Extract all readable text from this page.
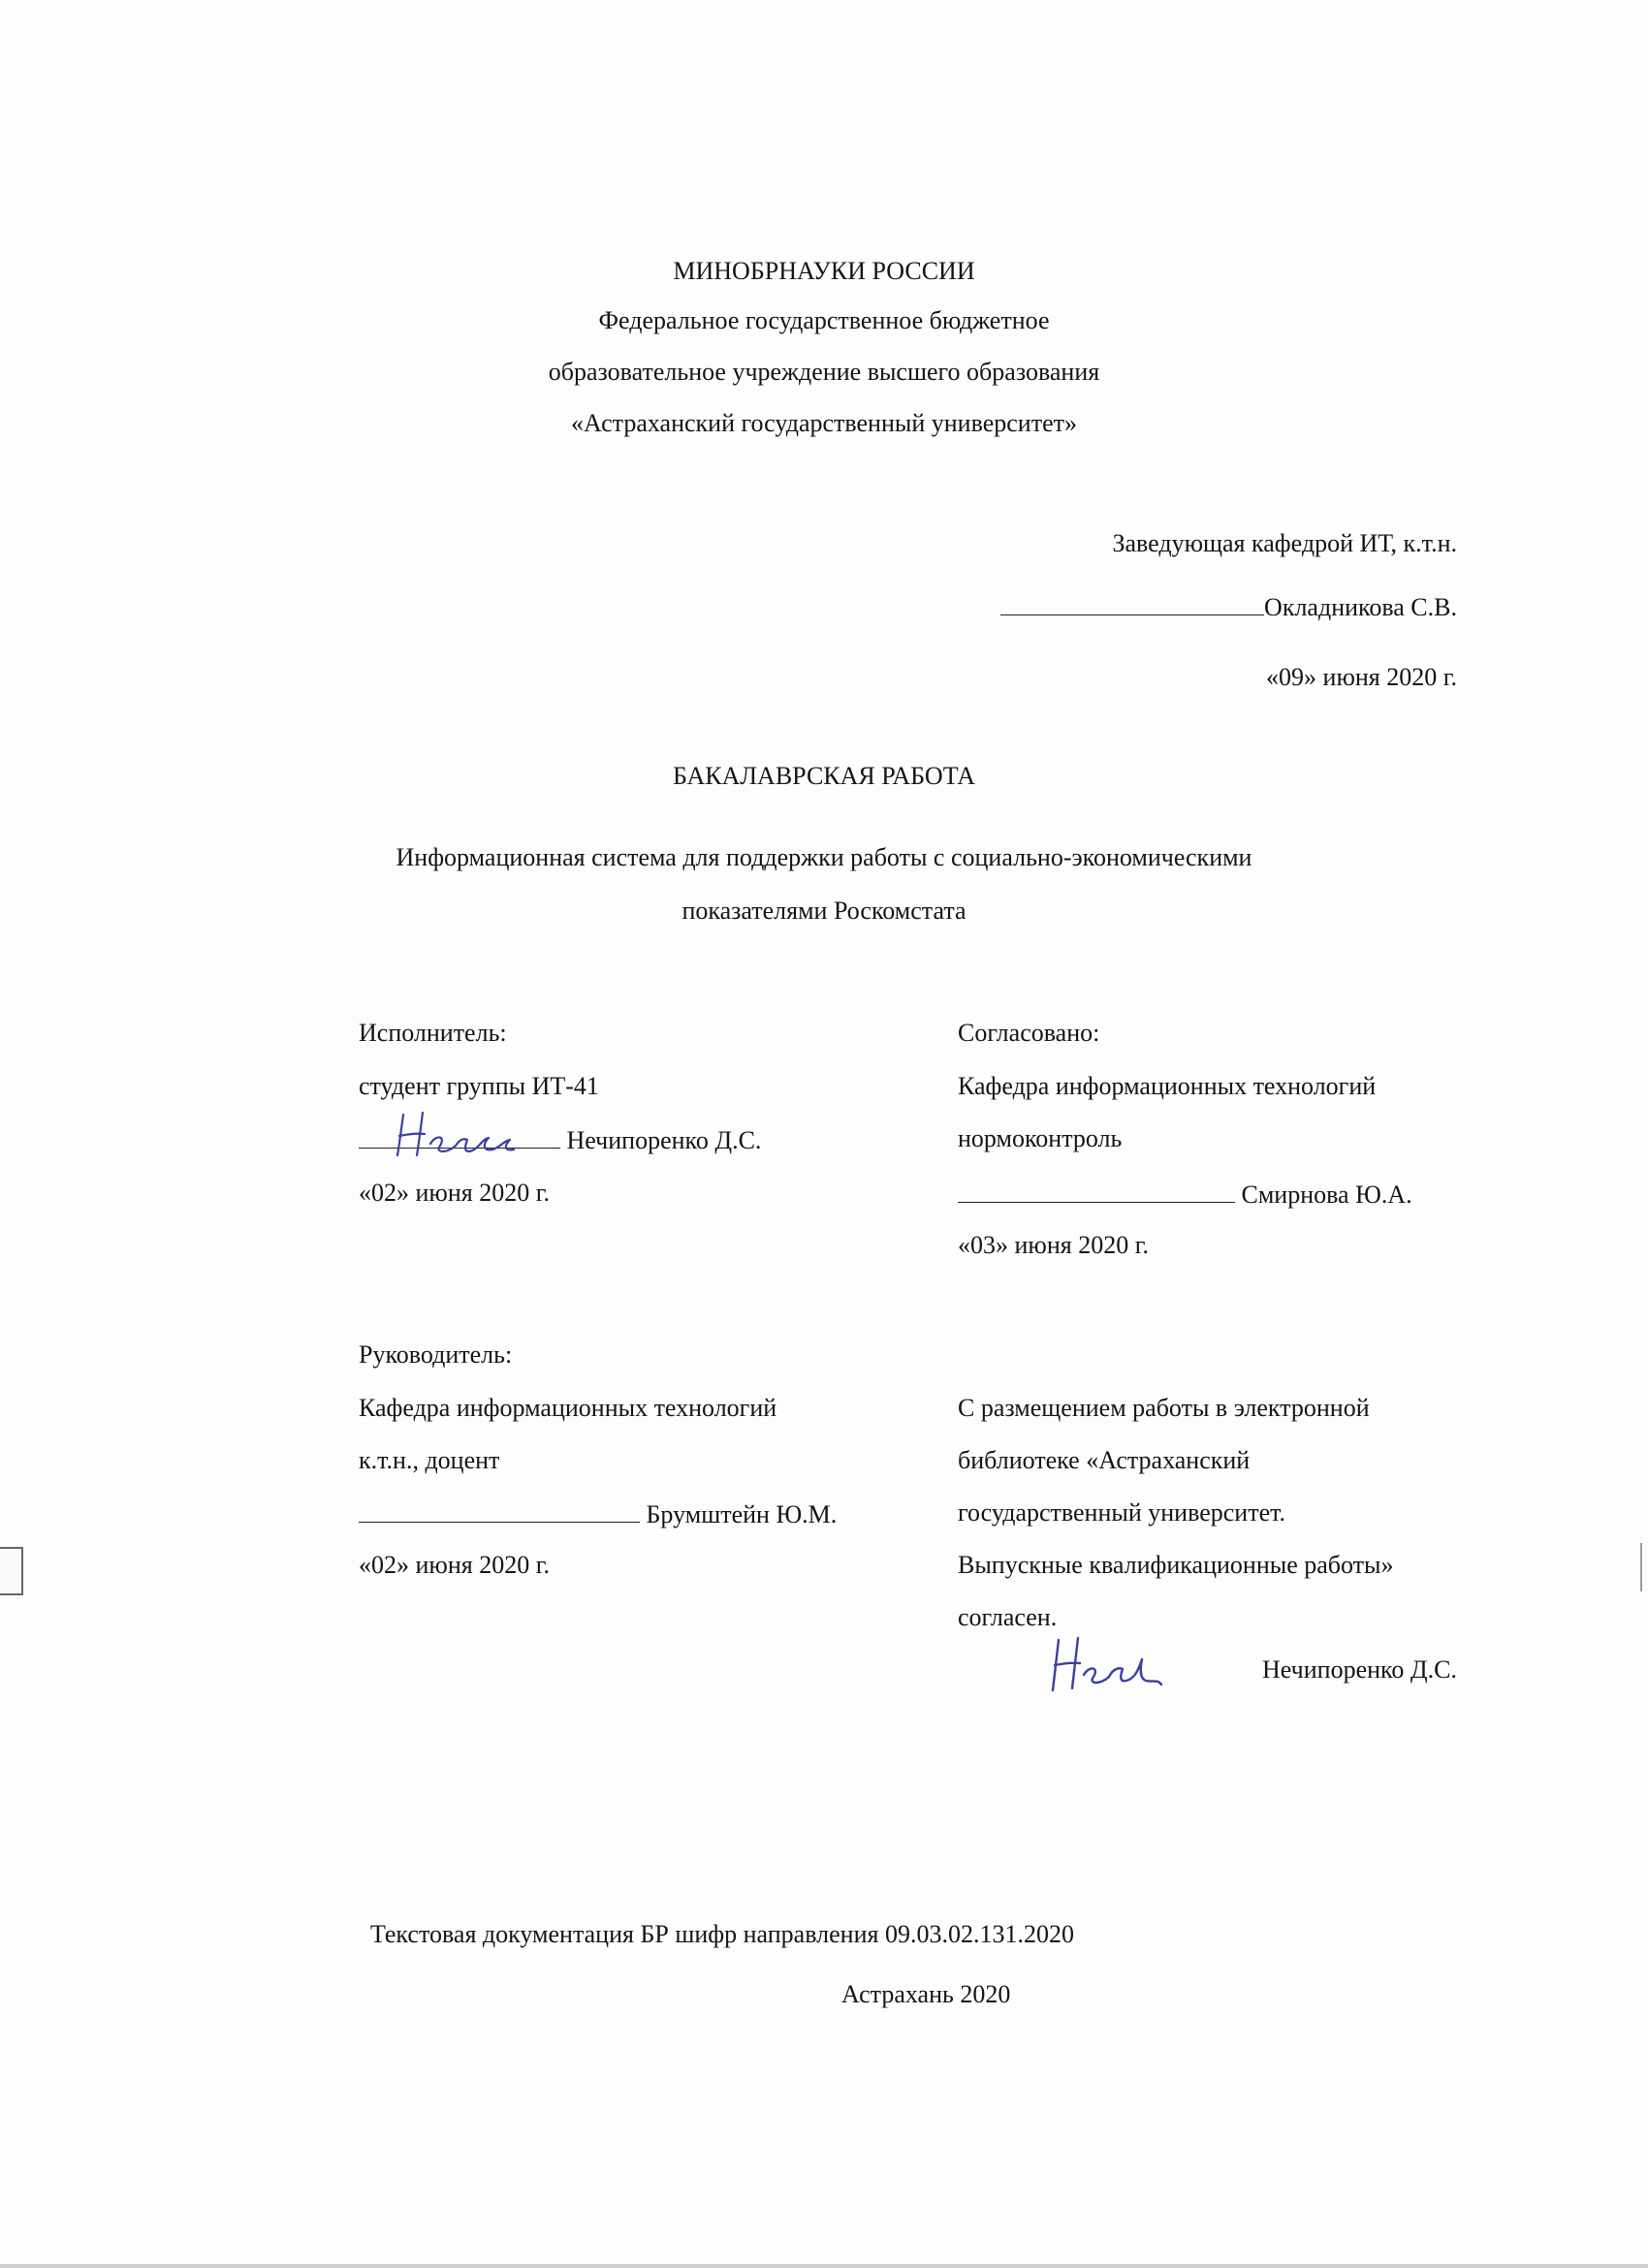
МИНОБРНАУКИ РОССИИ
Федеральное государственное бюджетное
образовательное учреждение высшего образования
«Астраханский государственный университет»
Заведующая кафедрой ИТ, к.т.н.
Окладникова С.В.
«09» июня 2020 г.
БАКАЛАВРСКАЯ РАБОТА
Информационная система для поддержки работы с социально-экономическими
показателями Роскомстата
Исполнитель:
студент группы ИТ-41
Нечипоренко Д.С.
«02» июня 2020 г.
Согласовано:
Кафедра информационных технологий
нормоконтроль
Смирнова Ю.А.
«03» июня 2020 г.
Руководитель:
Кафедра информационных технологий
к.т.н., доцент
Брумштейн Ю.М.
«02» июня 2020 г.
С размещением работы в электронной
библиотеке «Астраханский
государственный университет.
Выпускные квалификационные работы»
согласен.
Нечипоренко Д.С.
Текстовая документация БР шифр направления 09.03.02.131.2020
Астрахань 2020
